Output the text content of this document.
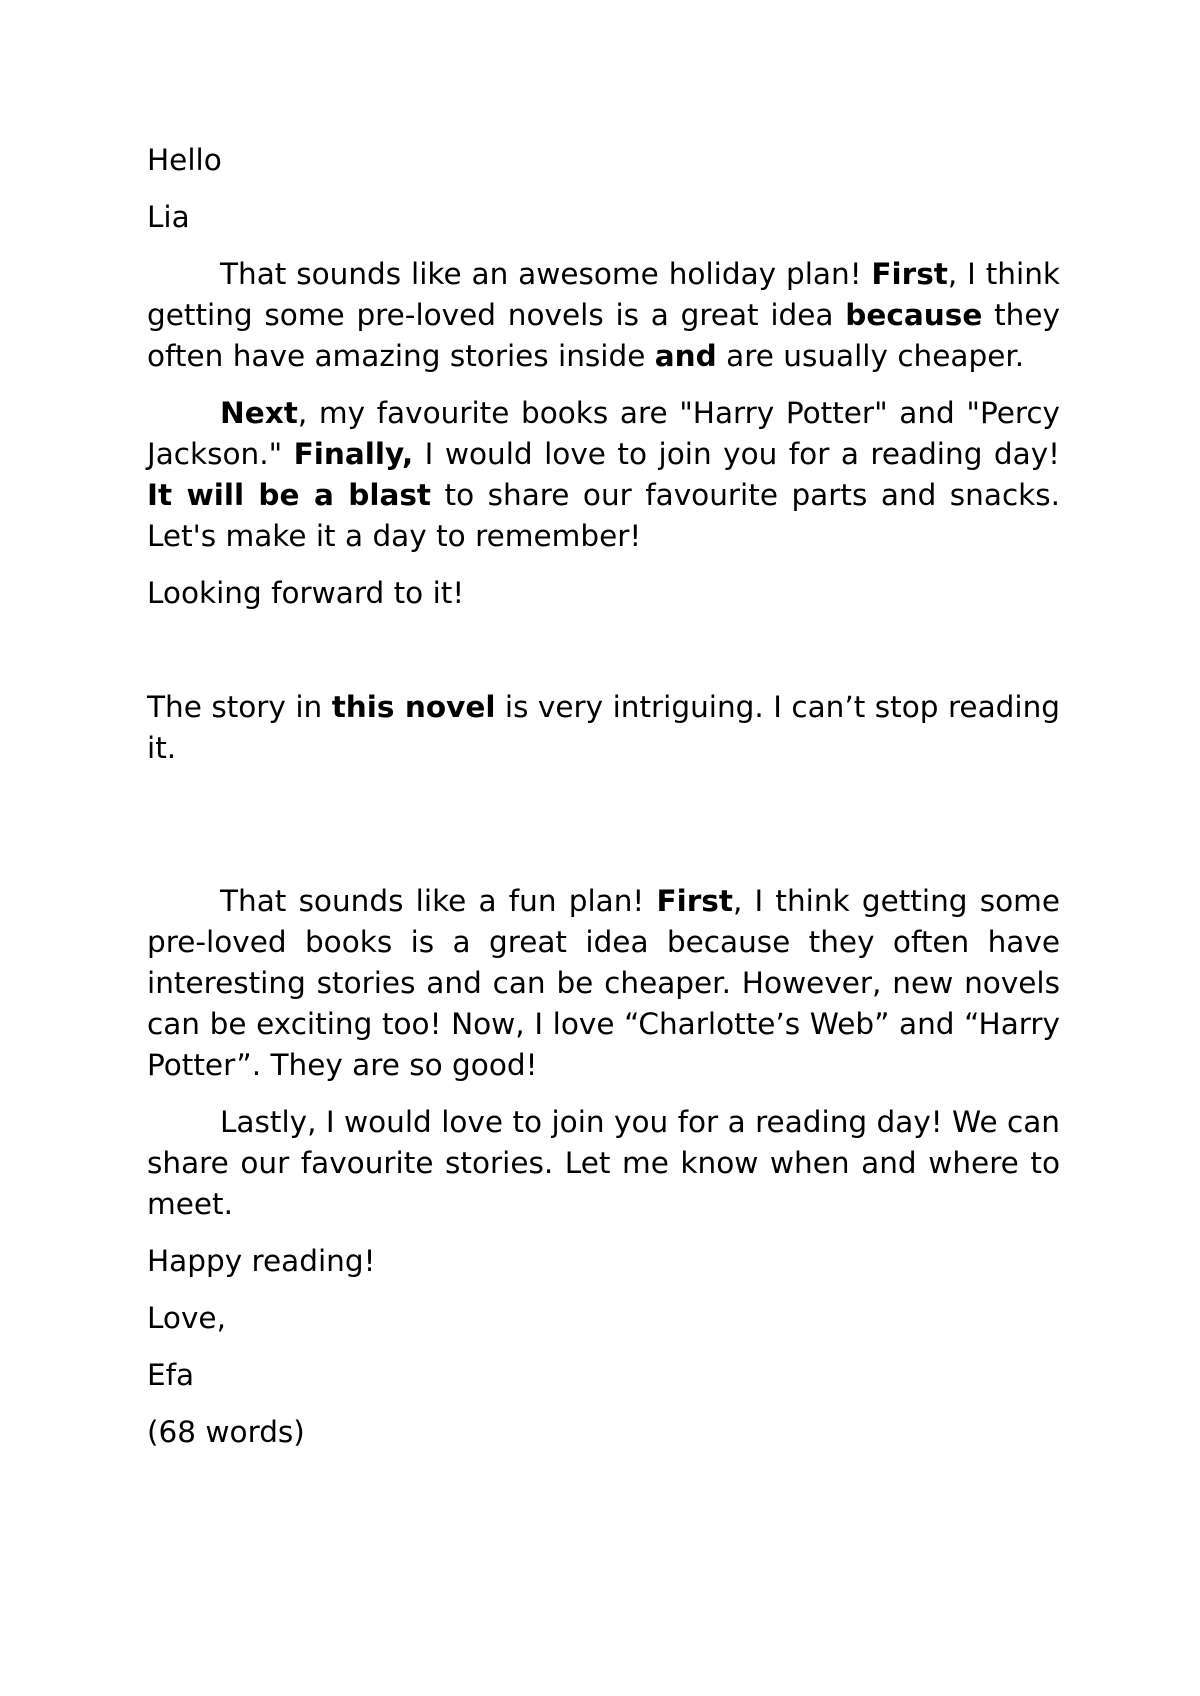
Hello

Lia

That sounds like an awesome holiday plan! First, I think getting some pre-loved novels is a great idea because they often have amazing stories inside and are usually cheaper.

Next, my favourite books are "Harry Potter" and "Percy Jackson." Finally, I would love to join you for a reading day! It will be a blast to share our favourite parts and snacks. Let's make it a day to remember!

Looking forward to it!

The story in this novel is very intriguing. I can’t stop reading it.

That sounds like a fun plan! First, I think getting some pre-loved books is a great idea because they often have interesting stories and can be cheaper. However, new novels can be exciting too! Now, I love “Charlotte’s Web” and “Harry Potter”. They are so good!

Lastly, I would love to join you for a reading day! We can share our favourite stories. Let me know when and where to meet.

Happy reading!

Love,

Efa

(68 words)
